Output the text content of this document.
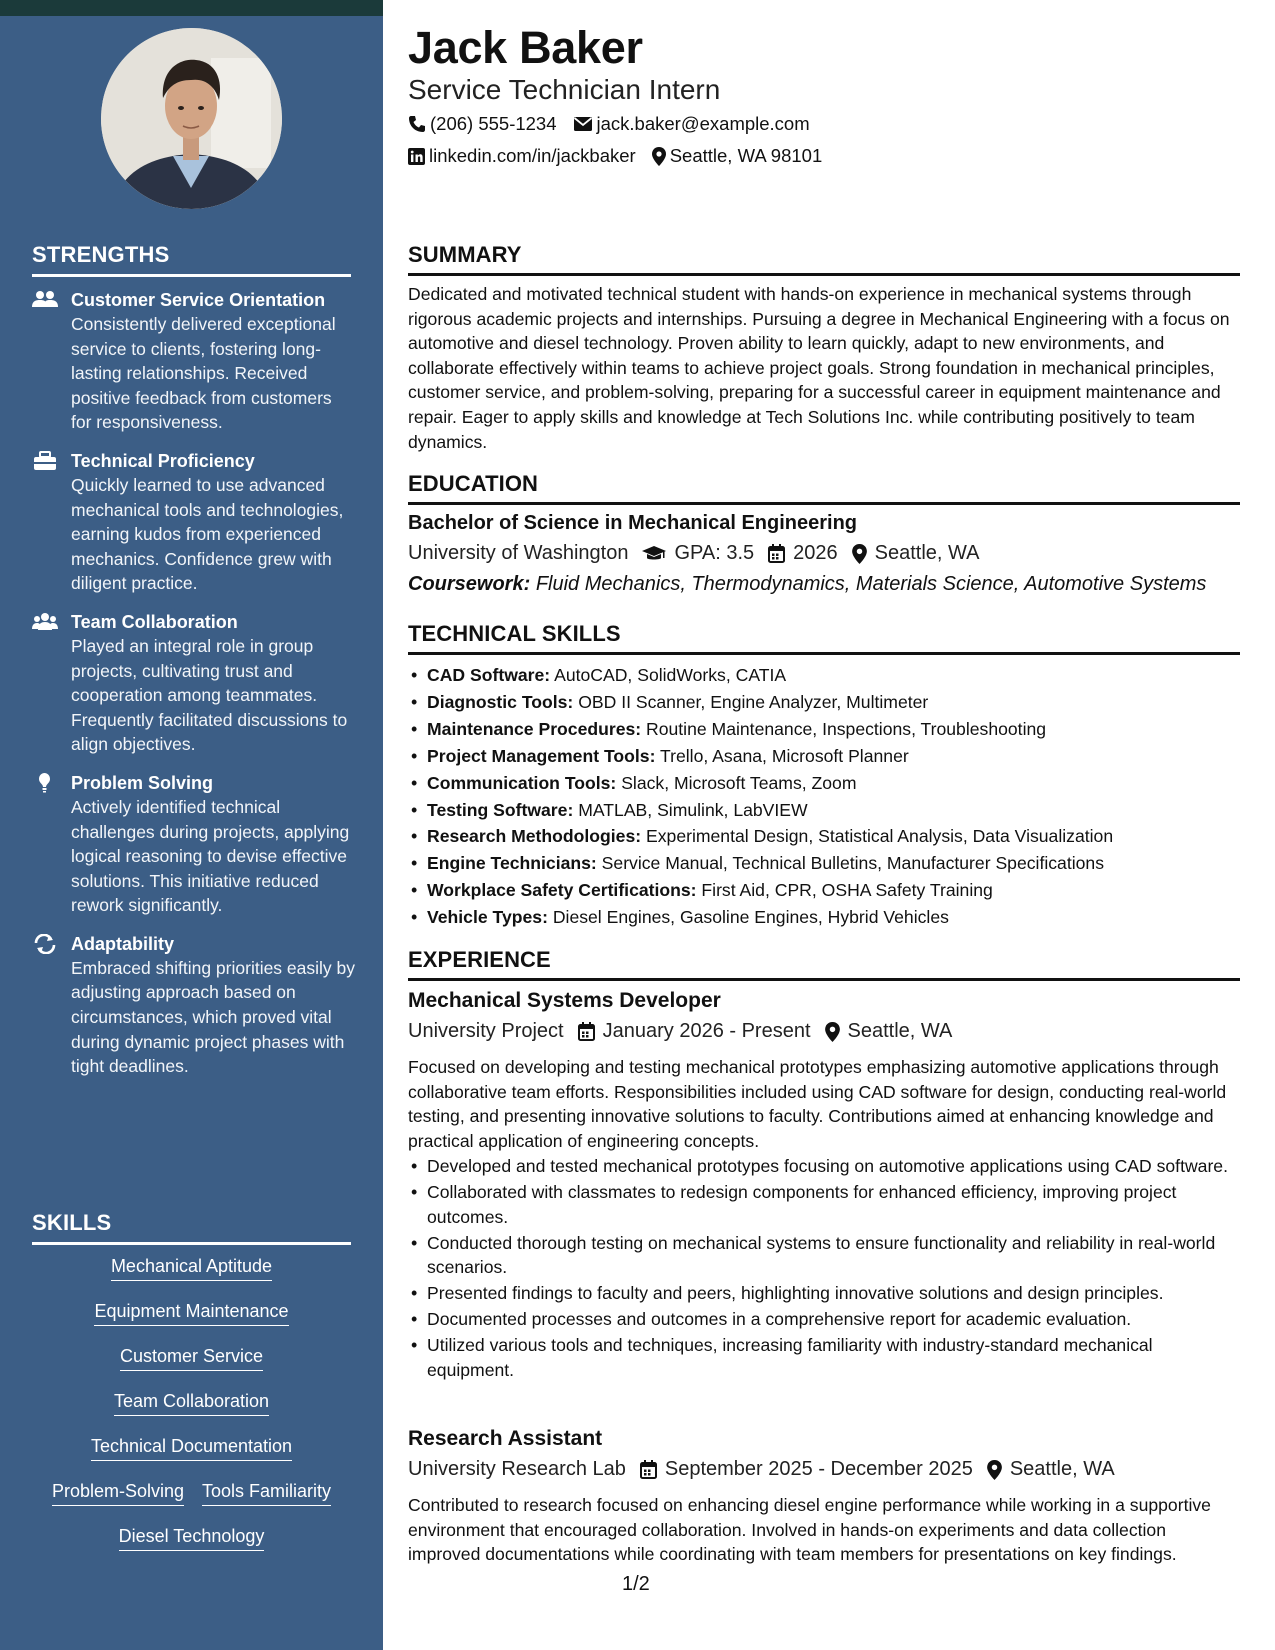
STRENGTHS
Customer Service Orientation
Consistently delivered exceptional service to clients, fostering long-lasting relationships. Received positive feedback from customers for responsiveness.
Technical Proficiency
Quickly learned to use advanced mechanical tools and technologies, earning kudos from experienced mechanics. Confidence grew with diligent practice.
Team Collaboration
Played an integral role in group projects, cultivating trust and cooperation among teammates. Frequently facilitated discussions to align objectives.
Problem Solving
Actively identified technical challenges during projects, applying logical reasoning to devise effective solutions. This initiative reduced rework significantly.
Adaptability
Embraced shifting priorities easily by adjusting approach based on circumstances, which proved vital during dynamic project phases with tight deadlines.
SKILLS
Mechanical Aptitude
Equipment Maintenance
Customer Service
Team Collaboration
Technical Documentation
Problem-Solving Tools Familiarity
Diesel Technology
Jack Baker
Service Technician Intern
(206) 555-1234 jack.baker@example.com
linkedin.com/in/jackbaker Seattle, WA 98101
SUMMARY

Dedicated and motivated technical student with hands-on experience in mechanical systems through rigorous academic projects and internships. Pursuing a degree in Mechanical Engineering with a focus on automotive and diesel technology. Proven ability to learn quickly, adapt to new environments, and collaborate effectively within teams to achieve project goals. Strong foundation in mechanical principles, customer service, and problem-solving, preparing for a successful career in equipment maintenance and repair. Eager to apply skills and knowledge at Tech Solutions Inc. while contributing positively to team dynamics.

EDUCATION
Bachelor of Science in Mechanical Engineering
University of Washington GPA: 3.5 2026 Seattle, WA
Coursework: Fluid Mechanics, Thermodynamics, Materials Science, Automotive Systems
TECHNICAL SKILLS
• CAD Software: AutoCAD, SolidWorks, CATIA
• Diagnostic Tools: OBD II Scanner, Engine Analyzer, Multimeter
• Maintenance Procedures: Routine Maintenance, Inspections, Troubleshooting
• Project Management Tools: Trello, Asana, Microsoft Planner
• Communication Tools: Slack, Microsoft Teams, Zoom
• Testing Software: MATLAB, Simulink, LabVIEW
• Research Methodologies: Experimental Design, Statistical Analysis, Data Visualization
• Engine Technicians: Service Manual, Technical Bulletins, Manufacturer Specifications
• Workplace Safety Certifications: First Aid, CPR, OSHA Safety Training
• Vehicle Types: Diesel Engines, Gasoline Engines, Hybrid Vehicles
EXPERIENCE
Mechanical Systems Developer
University Project January 2026 - Present Seattle, WA

Focused on developing and testing mechanical prototypes emphasizing automotive applications through collaborative team efforts. Responsibilities included using CAD software for design, conducting real-world testing, and presenting innovative solutions to faculty. Contributions aimed at enhancing knowledge and practical application of engineering concepts.

• Developed and tested mechanical prototypes focusing on automotive applications using CAD software.
• Collaborated with classmates to redesign components for enhanced efficiency, improving project outcomes.
• Conducted thorough testing on mechanical systems to ensure functionality and reliability in real-world scenarios.
• Presented findings to faculty and peers, highlighting innovative solutions and design principles.
• Documented processes and outcomes in a comprehensive report for academic evaluation.
• Utilized various tools and techniques, increasing familiarity with industry-standard mechanical equipment.
Research Assistant
University Research Lab September 2025 - December 2025 Seattle, WA

Contributed to research focused on enhancing diesel engine performance while working in a supportive environment that encouraged collaboration. Involved in hands-on experiments and data collection improved documentations while coordinating with team members for presentations on key findings.

1/2
